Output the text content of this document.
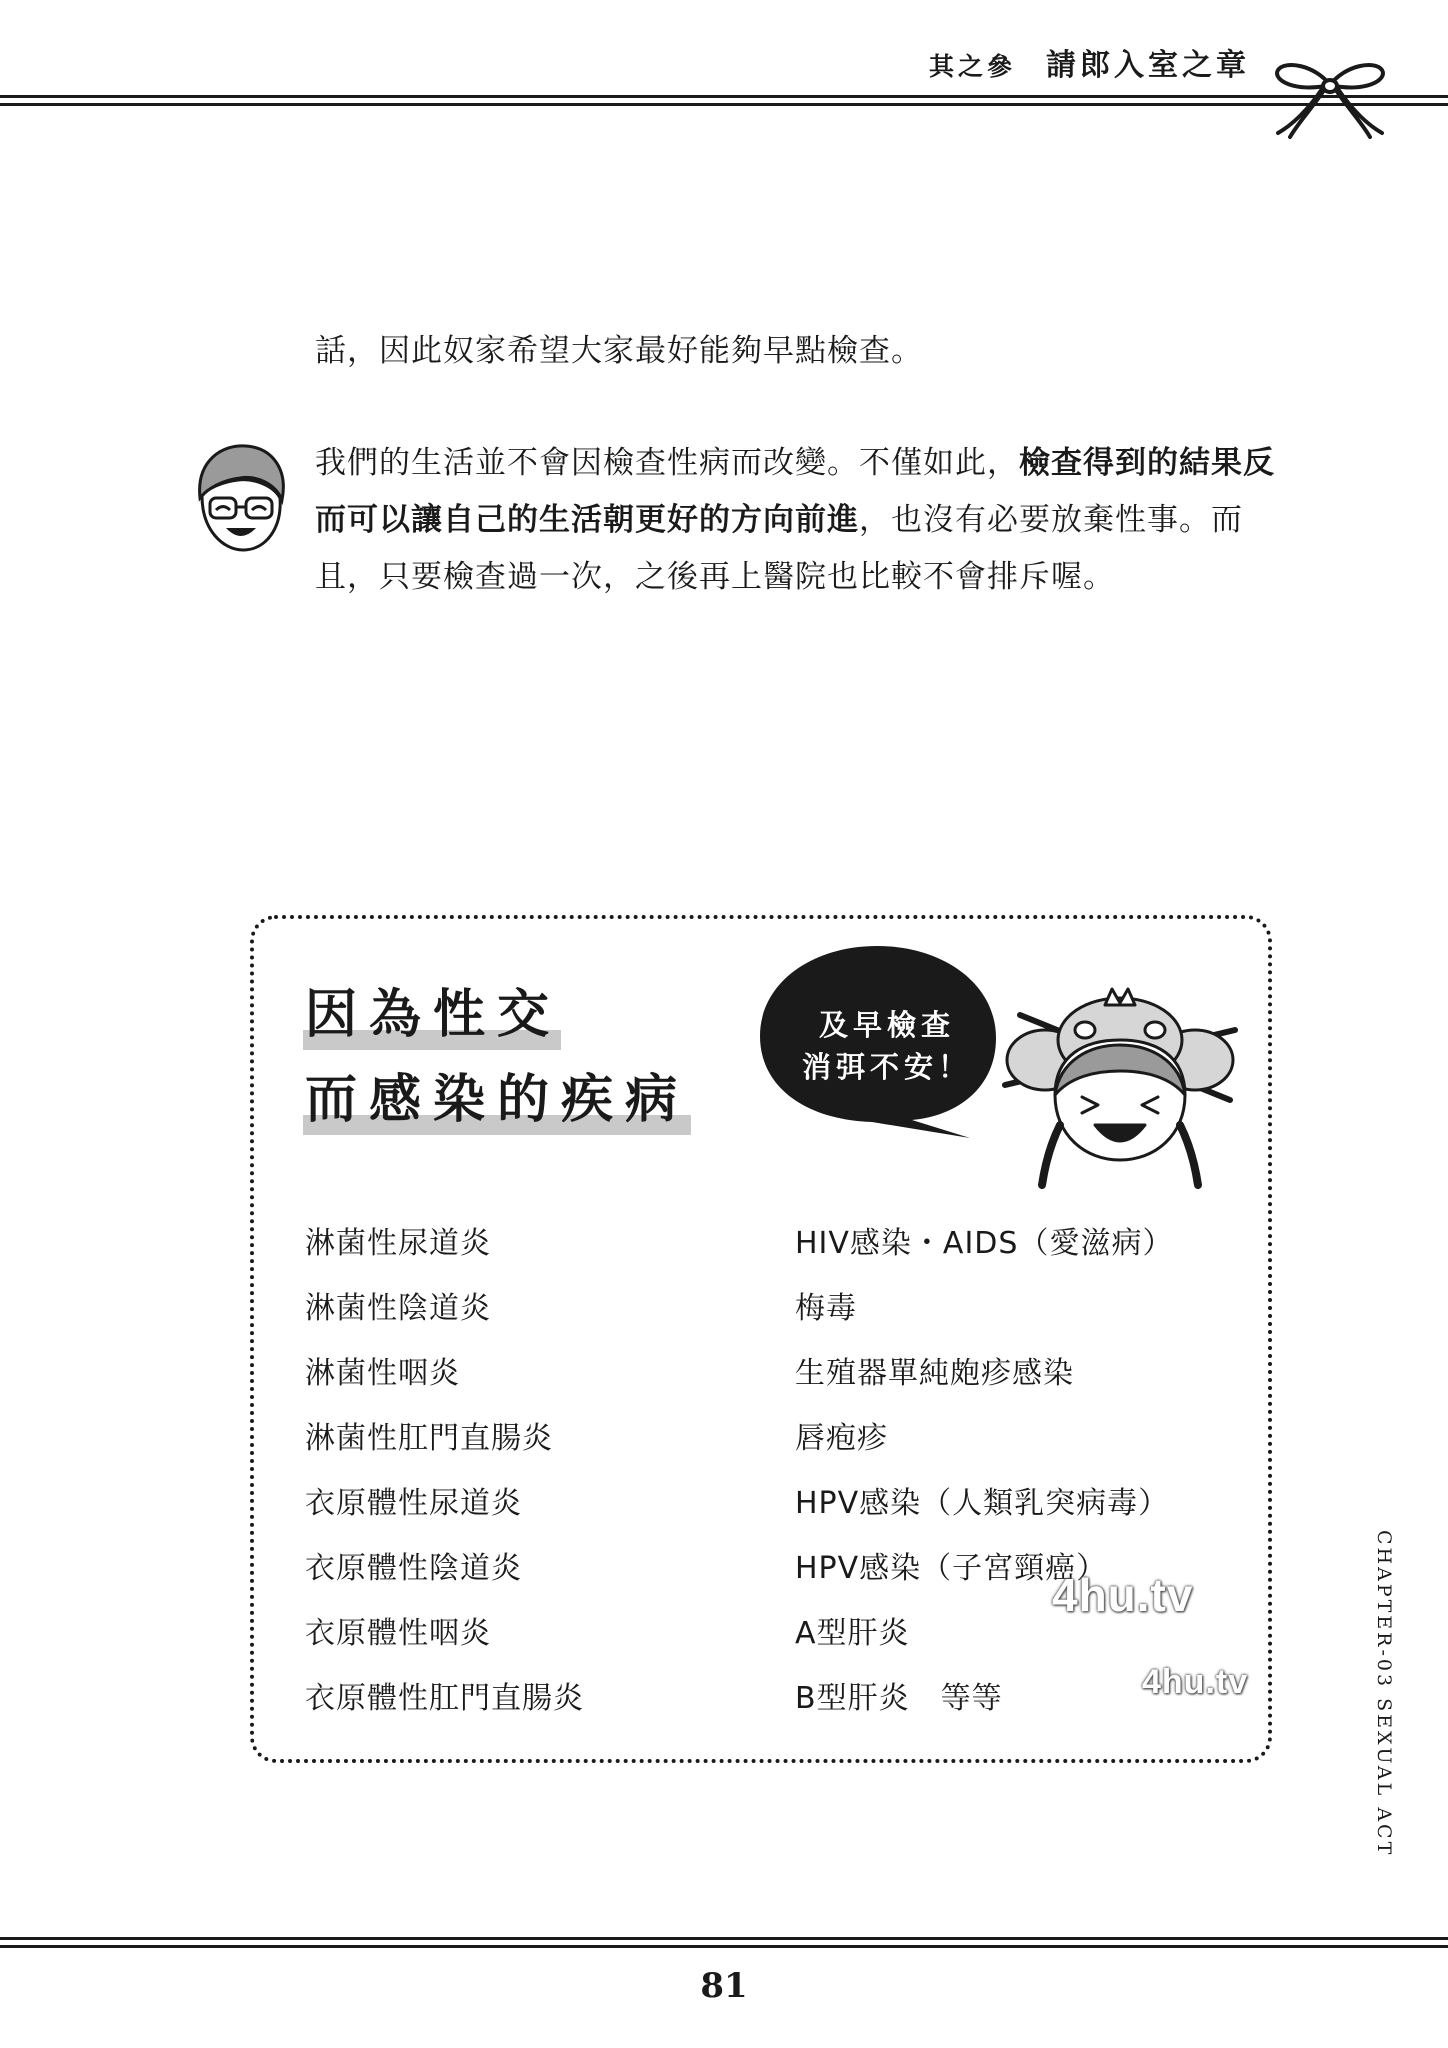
其之參 請郎入室之章
話，因此奴家希望大家最好能夠早點檢查。
我們的生活並不會因檢查性病而改變。不僅如此，檢查得到的結果反
而可以讓自己的生活朝更好的方向前進，也沒有必要放棄性事。而
且，只要檢查過一次，之後再上醫院也比較不會排斥喔。
因為性交
而感染的疾病
及早檢查
消弭不安！
淋菌性尿道炎
淋菌性陰道炎
淋菌性咽炎
淋菌性肛門直腸炎
衣原體性尿道炎
衣原體性陰道炎
衣原體性咽炎
衣原體性肛門直腸炎
HIV感染・AIDS（愛滋病）
梅毒
生殖器單純皰疹感染
唇疱疹
HPV感染（人類乳突病毒）
HPV感染（子宮頸癌）
A型肝炎
B型肝炎　等等	CHAPTER-03 SEXUAL ACT
4hu.tv
4hu.tv
81
